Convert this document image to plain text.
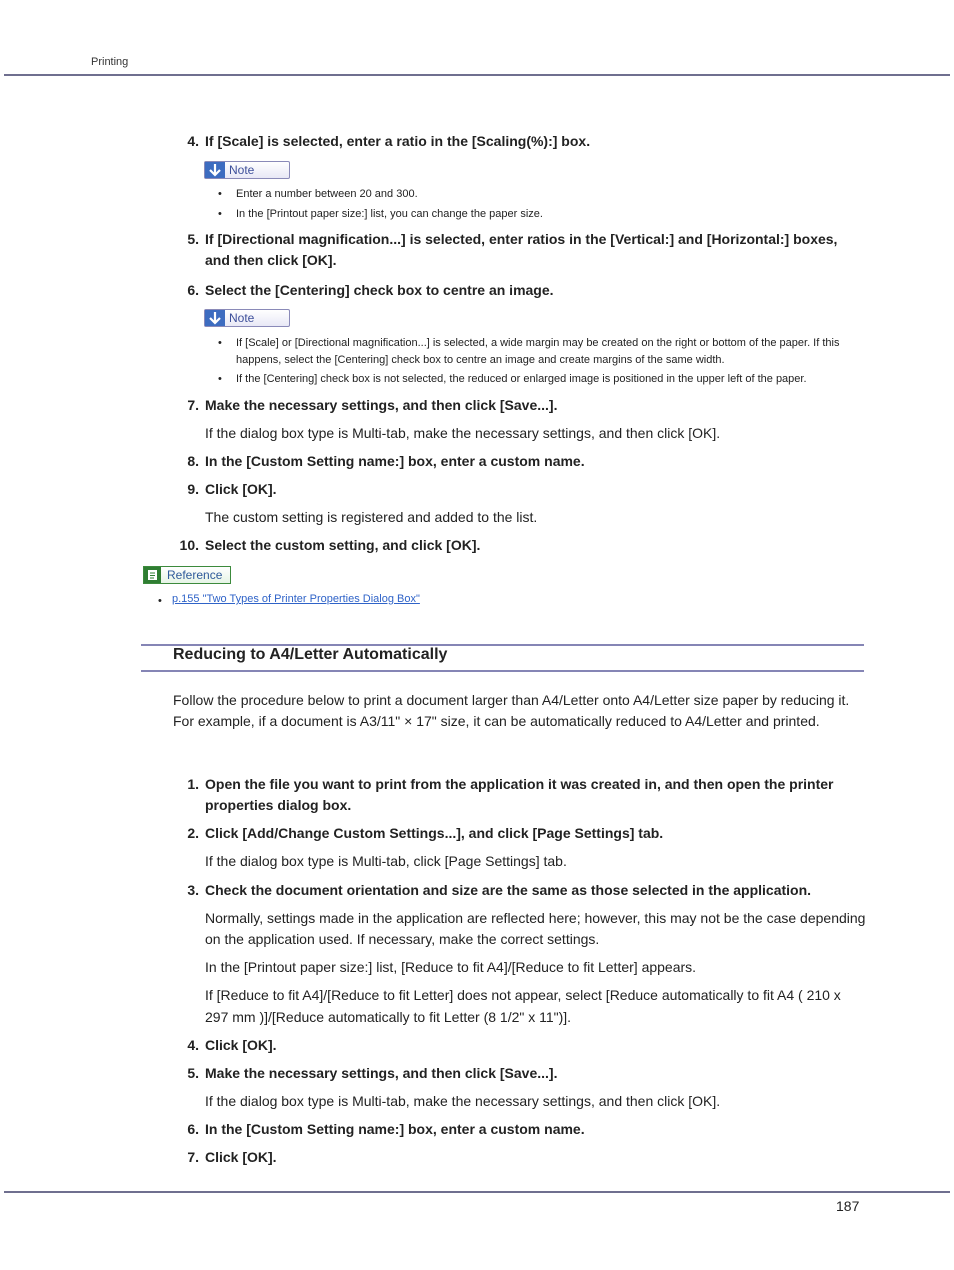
Printing
4. If [Scale] is selected, enter a ratio in the [Scaling(%):] box.
Note
• Enter a number between 20 and 300.
• In the [Printout paper size:] list, you can change the paper size.
5. If [Directional magnification...] is selected, enter ratios in the [Vertical:] and [Horizontal:] boxes,
and then click [OK].
6. Select the [Centering] check box to centre an image.
Note
• If [Scale] or [Directional magnification...] is selected, a wide margin may be created on the right or bottom of the paper. If this
happens, select the [Centering] check box to centre an image and create margins of the same width.
• If the [Centering] check box is not selected, the reduced or enlarged image is positioned in the upper left of the paper.
7. Make the necessary settings, and then click [Save...].
If the dialog box type is Multi-tab, make the necessary settings, and then click [OK].
8. In the [Custom Setting name:] box, enter a custom name.
9. Click [OK].
The custom setting is registered and added to the list.
10. Select the custom setting, and click [OK].
Reference
• p.155 "Two Types of Printer Properties Dialog Box"
Reducing to A4/Letter Automatically
Follow the procedure below to print a document larger than A4/Letter onto A4/Letter size paper by reducing it.
For example, if a document is A3/11" × 17" size, it can be automatically reduced to A4/Letter and printed.
1. Open the file you want to print from the application it was created in, and then open the printer
properties dialog box.
2. Click [Add/Change Custom Settings...], and click [Page Settings] tab.
If the dialog box type is Multi-tab, click [Page Settings] tab.
3. Check the document orientation and size are the same as those selected in the application.
Normally, settings made in the application are reflected here; however, this may not be the case depending
on the application used. If necessary, make the correct settings.
In the [Printout paper size:] list, [Reduce to fit A4]/[Reduce to fit Letter] appears.
If [Reduce to fit A4]/[Reduce to fit Letter] does not appear, select [Reduce automatically to fit A4 ( 210 x
297 mm )]/[Reduce automatically to fit Letter (8 1/2" x 11")].
4. Click [OK].
5. Make the necessary settings, and then click [Save...].
If the dialog box type is Multi-tab, make the necessary settings, and then click [OK].
6. In the [Custom Setting name:] box, enter a custom name.
7. Click [OK].
187
